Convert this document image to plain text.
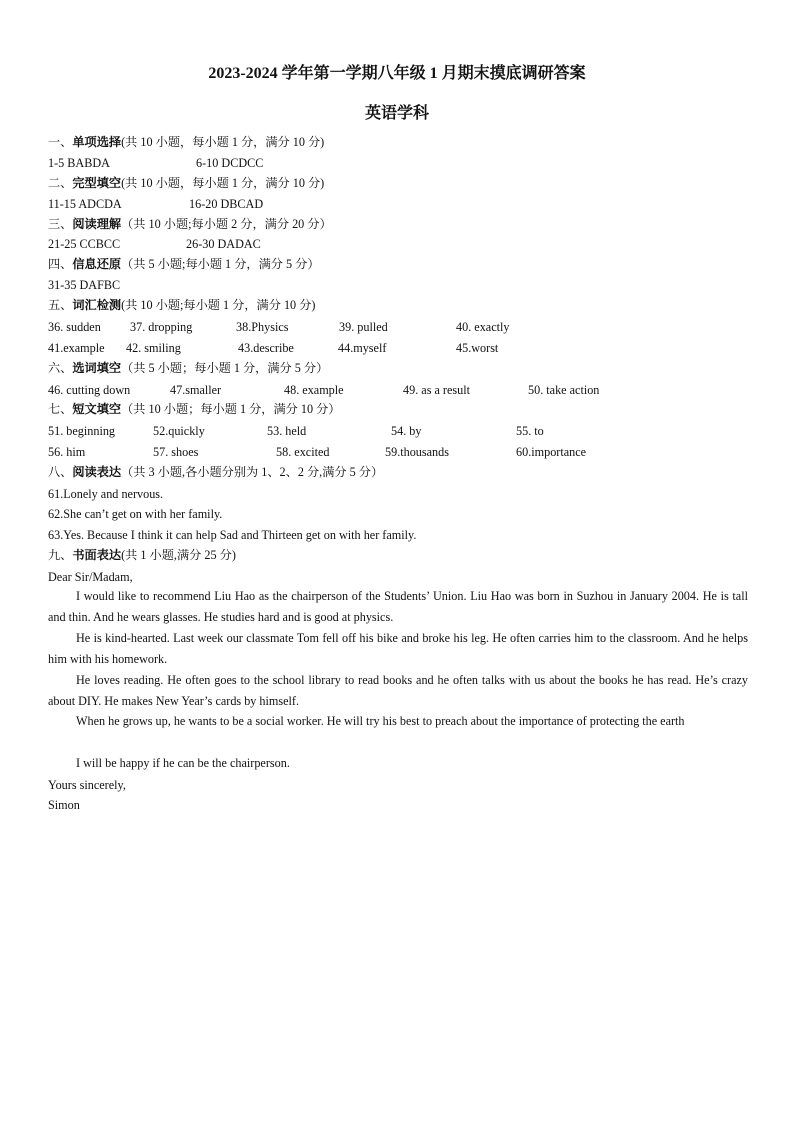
2023-2024 学年第一学期八年级 1 月期末摸底调研答案
英语学科
一、单项选择(共 10 小题，每小题 1 分，满分 10 分)
1-5 BABDA	6-10 DCDCC
二、完型填空(共 10 小题，每小题 1 分，满分 10 分)
11-15 ADCDA	16-20 DBCAD
三、阅读理解（共 10 小题;每小题 2 分，满分 20 分）
21-25 CCBCC	26-30 DADAC
四、信息还原（共 5 小题;每小题 1 分，满分 5 分）
31-35 DAFBC
五、词汇检测(共 10 小题;每小题 1 分，满分 10 分)
36. sudden 37. dropping	38.Physics	39. pulled	40. exactly
41.example 42. smiling	43.describe	44.myself	45.worst
六、选词填空（共 5 小题；每小题 1 分，满分 5 分）
46. cutting down	47.smaller	48. example	49. as a result	50. take action
七、短文填空（共 10 小题；每小题 1 分，满分 10 分）
51. beginning	52.quickly	53. held	54. by	55. to
56. him	57. shoes	58. excited	59.thousands	60.importance
八、阅读表达（共 3 小题,各小题分别为 1、2、2 分,满分 5 分）
61.Lonely and nervous.
62.She can’t get on with her family.
63.Yes. Because I think it can help Sad and Thirteen get on with her family.
九、书面表达(共 1 小题,满分 25 分)
Dear Sir/Madam,
I would like to recommend Liu Hao as the chairperson of the Students’ Union. Liu Hao was born in Suzhou in January 2004. He is tall and thin. And he wears glasses. He studies hard and is good at physics.
He is kind-hearted. Last week our classmate Tom fell off his bike and broke his leg. He often carries him to the classroom. And he helps him with his homework.
He loves reading. He often goes to the school library to read books and he often talks with us about the books he has read. He’s crazy about DIY. He makes New Year’s cards by himself.
When he grows up, he wants to be a social worker. He will try his best to preach about the importance of protecting the earth
I will be happy if he can be the chairperson.
Yours sincerely,
Simon
